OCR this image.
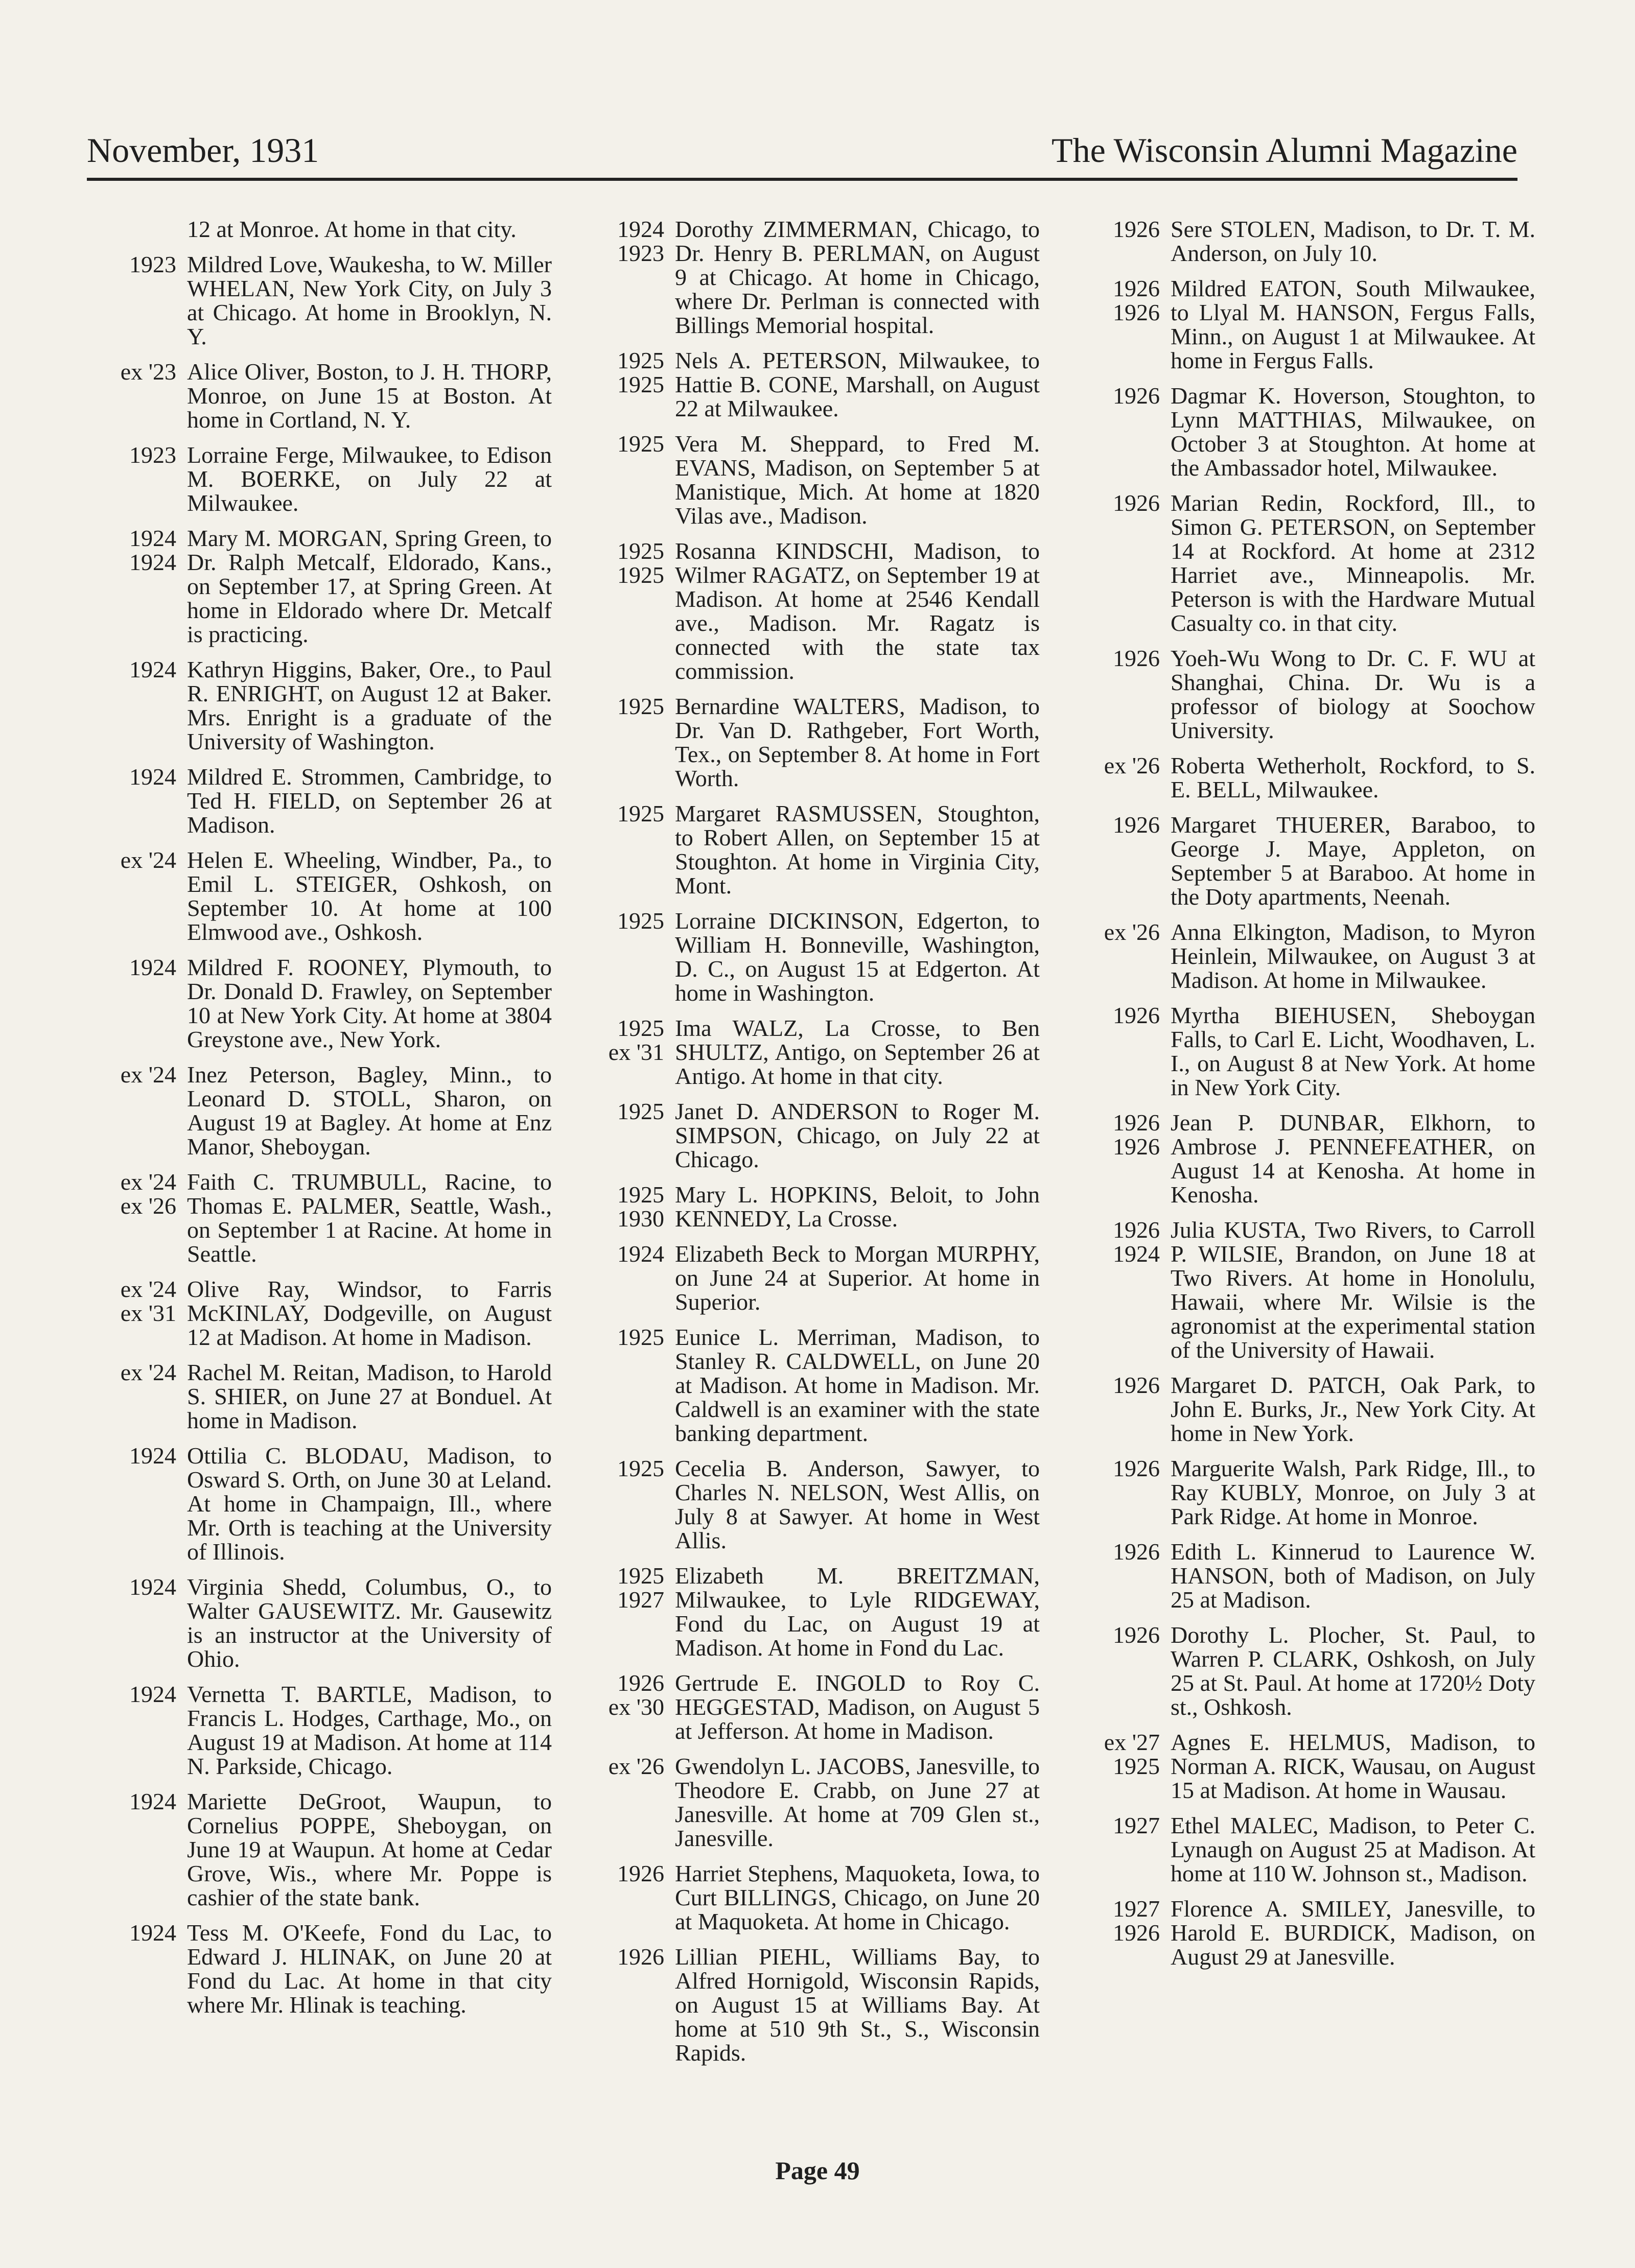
November, 1931	The Wisconsin Alumni Magazine
12 at Monroe. At home in that city.
1923 Mildred Love, Waukesha, to W. Miller WHELAN, New York City, on July 3 at Chicago. At home in Brooklyn, N. Y.
ex '23 Alice Oliver, Boston, to J. H. THORP, Monroe, on June 15 at Boston. At home in Cortland, N. Y.
1923 Lorraine Ferge, Milwaukee, to Edison M. BOERKE, on July 22 at Milwaukee.
1924
1924
Mary M. MORGAN, Spring Green, to Dr. Ralph Metcalf, Eldorado, Kans., on September 17, at Spring Green. At home in Eldorado where Dr. Metcalf is practicing.
1924 Kathryn Higgins, Baker, Ore., to Paul R. ENRIGHT, on August 12 at Baker. Mrs. Enright is a graduate of the University of Washington.
1924 Mildred E. Strommen, Cambridge, to Ted H. FIELD, on September 26 at Madison.
ex '24 Helen E. Wheeling, Windber, Pa., to Emil L. STEIGER, Oshkosh, on September 10. At home at 100 Elmwood ave., Oshkosh.
1924 Mildred F. ROONEY, Plymouth, to Dr. Donald D. Frawley, on September 10 at New York City. At home at 3804 Greystone ave., New York.
ex '24 Inez Peterson, Bagley, Minn., to Leonard D. STOLL, Sharon, on August 19 at Bagley. At home at Enz Manor, Sheboygan.
ex '24
ex '26
Faith C. TRUMBULL, Racine, to Thomas E. PALMER, Seattle, Wash., on September 1 at Racine. At home in Seattle.
ex '24
ex '31
Olive Ray, Windsor, to Farris McKINLAY, Dodgeville, on August 12 at Madison. At home in Madison.
ex '24 Rachel M. Reitan, Madison, to Harold S. SHIER, on June 27 at Bonduel. At home in Madison.
1924 Ottilia C. BLODAU, Madison, to Osward S. Orth, on June 30 at Leland. At home in Champaign, Ill., where Mr. Orth is teaching at the University of Illinois.
1924 Virginia Shedd, Columbus, O., to Walter GAUSEWITZ. Mr. Gausewitz is an instructor at the University of Ohio.
1924 Vernetta T. BARTLE, Madison, to Francis L. Hodges, Carthage, Mo., on August 19 at Madison. At home at 114 N. Parkside, Chicago.
1924 Mariette DeGroot, Waupun, to Cornelius POPPE, Sheboygan, on June 19 at Waupun. At home at Cedar Grove, Wis., where Mr. Poppe is cashier of the state bank.
1924 Tess M. O'Keefe, Fond du Lac, to Edward J. HLINAK, on June 20 at Fond du Lac. At home in that city where Mr. Hlinak is teaching.
1924
1923
Dorothy ZIMMERMAN, Chicago, to Dr. Henry B. PERLMAN, on August 9 at Chicago. At home in Chicago, where Dr. Perlman is connected with Billings Memorial hospital.
1925
1925
Nels A. PETERSON, Milwaukee, to Hattie B. CONE, Marshall, on August 22 at Milwaukee.
1925 Vera M. Sheppard, to Fred M. EVANS, Madison, on September 5 at Manistique, Mich. At home at 1820 Vilas ave., Madison.
1925
1925
Rosanna KINDSCHI, Madison, to Wilmer RAGATZ, on September 19 at Madison. At home at 2546 Kendall ave., Madison. Mr. Ragatz is connected with the state tax commission.
1925 Bernardine WALTERS, Madison, to Dr. Van D. Rathgeber, Fort Worth, Tex., on September 8. At home in Fort Worth.
1925 Margaret RASMUSSEN, Stoughton, to Robert Allen, on September 15 at Stoughton. At home in Virginia City, Mont.
1925 Lorraine DICKINSON, Edgerton, to William H. Bonneville, Washington, D. C., on August 15 at Edgerton. At home in Washington.
1925
ex '31
Ima WALZ, La Crosse, to Ben SHULTZ, Antigo, on September 26 at Antigo. At home in that city.
1925 Janet D. ANDERSON to Roger M. SIMPSON, Chicago, on July 22 at Chicago.
1925
1930
Mary L. HOPKINS, Beloit, to John KENNEDY, La Crosse.
1924 Elizabeth Beck to Morgan MURPHY, on June 24 at Superior. At home in Superior.
1925 Eunice L. Merriman, Madison, to Stanley R. CALDWELL, on June 20 at Madison. At home in Madison. Mr. Caldwell is an examiner with the state banking department.
1925 Cecelia B. Anderson, Sawyer, to Charles N. NELSON, West Allis, on July 8 at Sawyer. At home in West Allis.
1925
1927
Elizabeth M. BREITZMAN, Milwaukee, to Lyle RIDGEWAY, Fond du Lac, on August 19 at Madison. At home in Fond du Lac.
1926
ex '30
Gertrude E. INGOLD to Roy C. HEGGESTAD, Madison, on August 5 at Jefferson. At home in Madison.
ex '26 Gwendolyn L. JACOBS, Janesville, to Theodore E. Crabb, on June 27 at Janesville. At home at 709 Glen st., Janesville.
1926 Harriet Stephens, Maquoketa, Iowa, to Curt BILLINGS, Chicago, on June 20 at Maquoketa. At home in Chicago.
1926 Lillian PIEHL, Williams Bay, to Alfred Hornigold, Wisconsin Rapids, on August 15 at Williams Bay. At home at 510 9th St., S., Wisconsin Rapids.
1926 Sere STOLEN, Madison, to Dr. T. M. Anderson, on July 10.
1926
1926
Mildred EATON, South Milwaukee, to Llyal M. HANSON, Fergus Falls, Minn., on August 1 at Milwaukee. At home in Fergus Falls.
1926 Dagmar K. Hoverson, Stoughton, to Lynn MATTHIAS, Milwaukee, on October 3 at Stoughton. At home at the Ambassador hotel, Milwaukee.
1926 Marian Redin, Rockford, Ill., to Simon G. PETERSON, on September 14 at Rockford. At home at 2312 Harriet ave., Minneapolis. Mr. Peterson is with the Hardware Mutual Casualty co. in that city.
1926 Yoeh-Wu Wong to Dr. C. F. WU at Shanghai, China. Dr. Wu is a professor of biology at Soochow University.
ex '26 Roberta Wetherholt, Rockford, to S. E. BELL, Milwaukee.
1926 Margaret THUERER, Baraboo, to George J. Maye, Appleton, on September 5 at Baraboo. At home in the Doty apartments, Neenah.
ex '26 Anna Elkington, Madison, to Myron Heinlein, Milwaukee, on August 3 at Madison. At home in Milwaukee.
1926 Myrtha BIEHUSEN, Sheboygan Falls, to Carl E. Licht, Woodhaven, L. I., on August 8 at New York. At home in New York City.
1926
1926
Jean P. DUNBAR, Elkhorn, to Ambrose J. PENNEFEATHER, on August 14 at Kenosha. At home in Kenosha.
1926
1924
Julia KUSTA, Two Rivers, to Carroll P. WILSIE, Brandon, on June 18 at Two Rivers. At home in Honolulu, Hawaii, where Mr. Wilsie is the agronomist at the experimental station of the University of Hawaii.
1926 Margaret D. PATCH, Oak Park, to John E. Burks, Jr., New York City. At home in New York.
1926 Marguerite Walsh, Park Ridge, Ill., to Ray KUBLY, Monroe, on July 3 at Park Ridge. At home in Monroe.
1926 Edith L. Kinnerud to Laurence W. HANSON, both of Madison, on July 25 at Madison.
1926 Dorothy L. Plocher, St. Paul, to Warren P. CLARK, Oshkosh, on July 25 at St. Paul. At home at 1720½ Doty st., Oshkosh.
ex '27
1925
Agnes E. HELMUS, Madison, to Norman A. RICK, Wausau, on August 15 at Madison. At home in Wausau.
1927 Ethel MALEC, Madison, to Peter C. Lynaugh on August 25 at Madison. At home at 110 W. Johnson st., Madison.
1927
1926
Florence A. SMILEY, Janesville, to Harold E. BURDICK, Madison, on August 29 at Janesville.
Page 49
